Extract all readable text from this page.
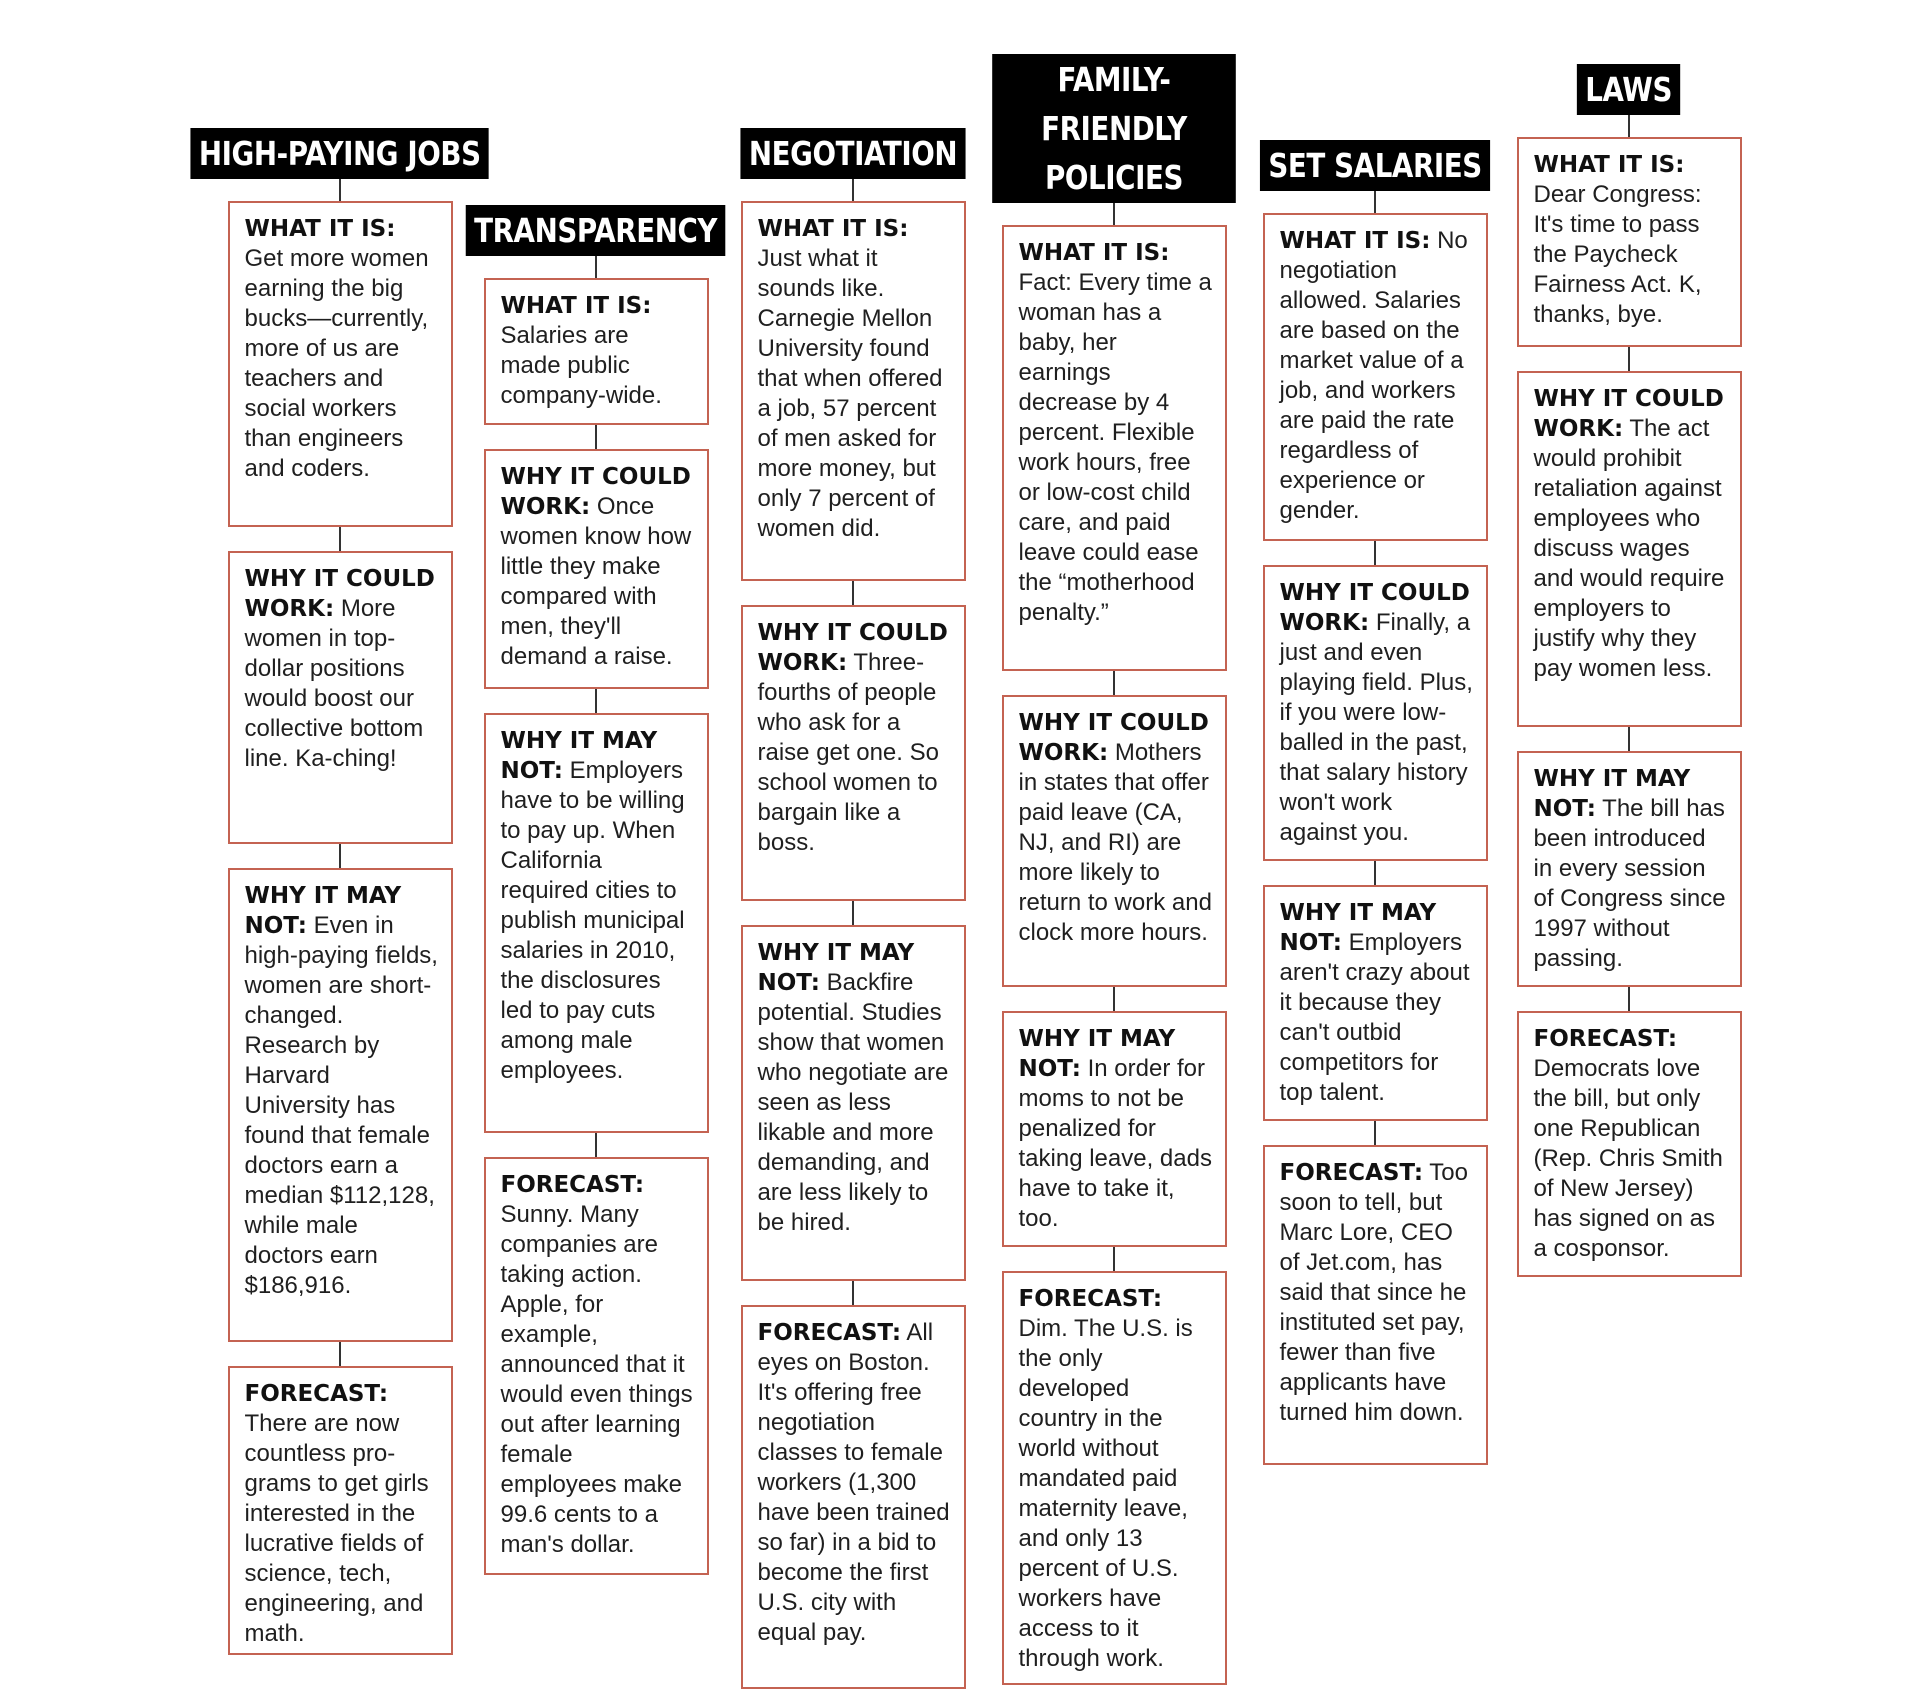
HIGH-PAYING JOBS

WHAT IT IS: Get more women earning the big bucks—currently, more of us are teachers and social workers than engineers and coders.

WHY IT COULD WORK: More women in top-dollar positions would boost our collective bottom line. Ka-ching!

WHY IT MAY NOT: Even in high-paying fields, women are short-changed. Research by Harvard University has found that female doctors earn a median $112,128, while male doctors earn $186,916.

FORECAST: There are now countless pro-grams to get girls interested in the lucrative fields of science, tech, engineering, and math.

TRANSPARENCY

WHAT IT IS: Salaries are made public company-wide.

WHY IT COULD WORK: Once women know how little they make compared with men, they'll demand a raise.

WHY IT MAY NOT: Employers have to be willing to pay up. When California required cities to publish municipal salaries in 2010, the disclosures led to pay cuts among male employees.

FORECAST: Sunny. Many companies are taking action. Apple, for example, announced that it would even things out after learning female employees make 99.6 cents to a man's dollar.

NEGOTIATION

WHAT IT IS: Just what it sounds like. Carnegie Mellon University found that when offered a job, 57 percent of men asked for more money, but only 7 percent of women did.

WHY IT COULD WORK: Three-fourths of people who ask for a raise get one. So school women to bargain like a boss.

WHY IT MAY NOT: Backfire potential. Studies show that women who negotiate are seen as less likable and more demanding, and are less likely to be hired.

FORECAST: All eyes on Boston. It's offering free negotiation classes to female workers (1,300 have been trained so far) in a bid to become the first U.S. city with equal pay.

FAMILY-FRIENDLY POLICIES

WHAT IT IS: Fact: Every time a woman has a baby, her earnings decrease by 4 percent. Flexible work hours, free or low-cost child care, and paid leave could ease the “motherhood penalty.”

WHY IT COULD WORK: Mothers in states that offer paid leave (CA, NJ, and RI) are more likely to return to work and clock more hours.

WHY IT MAY NOT: In order for moms to not be penalized for taking leave, dads have to take it, too.

FORECAST: Dim. The U.S. is the only developed country in the world without mandated paid maternity leave, and only 13 percent of U.S. workers have access to it through work.

SET SALARIES

WHAT IT IS: No negotiation allowed. Salaries are based on the market value of a job, and workers are paid the rate regardless of experience or gender.

WHY IT COULD WORK: Finally, a just and even playing field. Plus, if you were low-balled in the past, that salary history won't work against you.

WHY IT MAY NOT: Employers aren't crazy about it because they can't outbid competitors for top talent.

FORECAST: Too soon to tell, but Marc Lore, CEO of Jet.com, has said that since he instituted set pay, fewer than five applicants have turned him down.

LAWS

WHAT IT IS: Dear Congress: It's time to pass the Paycheck Fairness Act. K, thanks, bye.

WHY IT COULD WORK: The act would prohibit retaliation against employees who discuss wages and would require employers to justify why they pay women less.

WHY IT MAY NOT: The bill has been introduced in every session of Congress since 1997 without passing.

FORECAST: Democrats love the bill, but only one Republican (Rep. Chris Smith of New Jersey) has signed on as a cosponsor.
